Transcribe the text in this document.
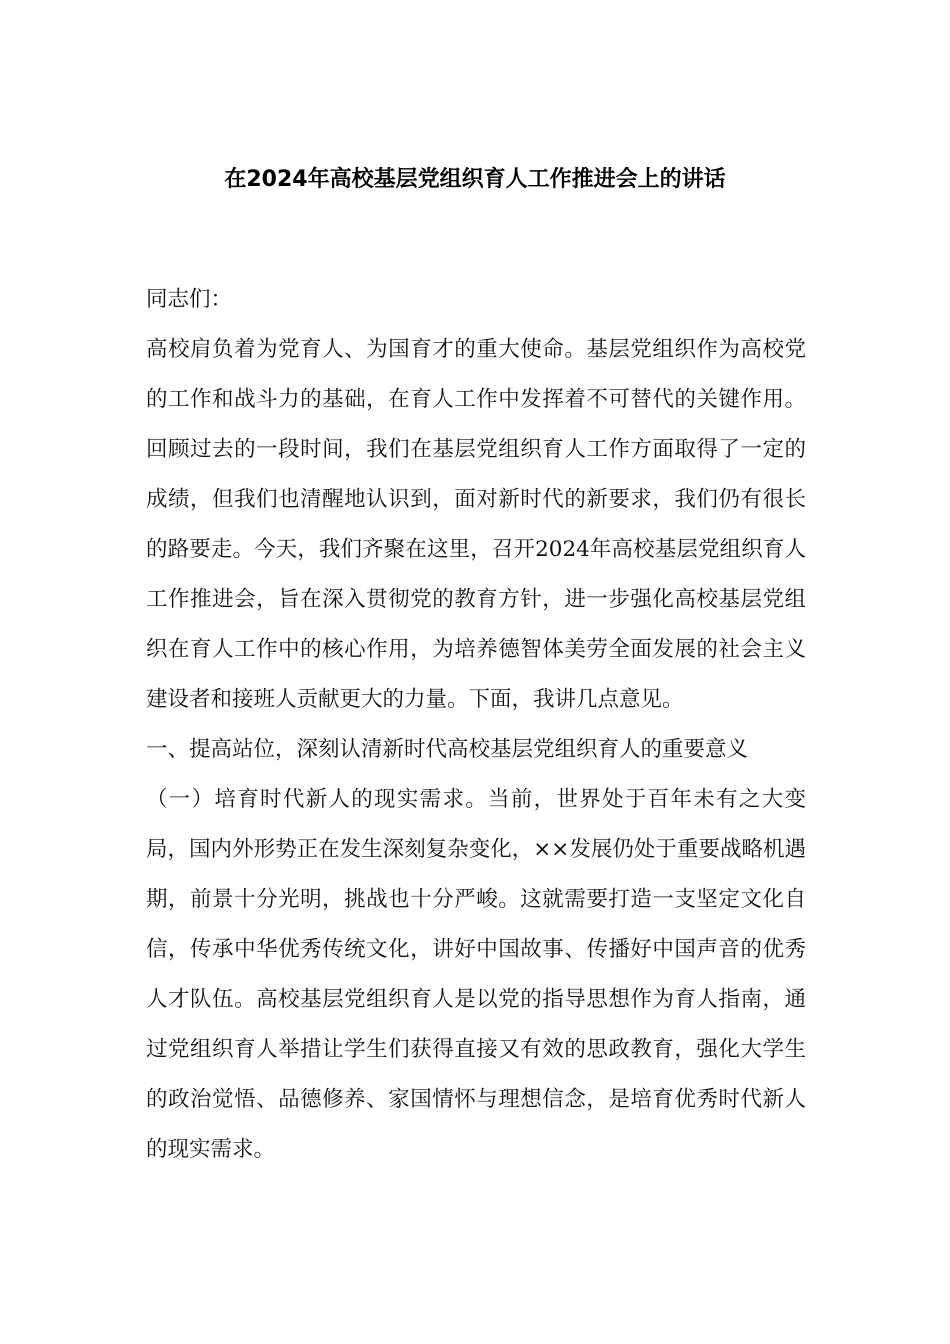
在2024年高校基层党组织育人工作推进会上的讲话

同志们：

高校肩负着为党育人、为国育才的重大使命。基层党组织作为高校党的工作和战斗力的基础，在育人工作中发挥着不可替代的关键作用。回顾过去的一段时间，我们在基层党组织育人工作方面取得了一定的成绩，但我们也清醒地认识到，面对新时代的新要求，我们仍有很长的路要走。今天，我们齐聚在这里，召开2024年高校基层党组织育人工作推进会，旨在深入贯彻党的教育方针，进一步强化高校基层党组织在育人工作中的核心作用，为培养德智体美劳全面发展的社会主义建设者和接班人贡献更大的力量。下面，我讲几点意见。

一、提高站位，深刻认清新时代高校基层党组织育人的重要意义

（一）培育时代新人的现实需求。当前，世界处于百年未有之大变局，国内外形势正在发生深刻复杂变化，××发展仍处于重要战略机遇期，前景十分光明，挑战也十分严峻。这就需要打造一支坚定文化自信，传承中华优秀传统文化，讲好中国故事、传播好中国声音的优秀人才队伍。高校基层党组织育人是以党的指导思想作为育人指南，通过党组织育人举措让学生们获得直接又有效的思政教育，强化大学生的政治觉悟、品德修养、家国情怀与理想信念，是培育优秀时代新人的现实需求。
